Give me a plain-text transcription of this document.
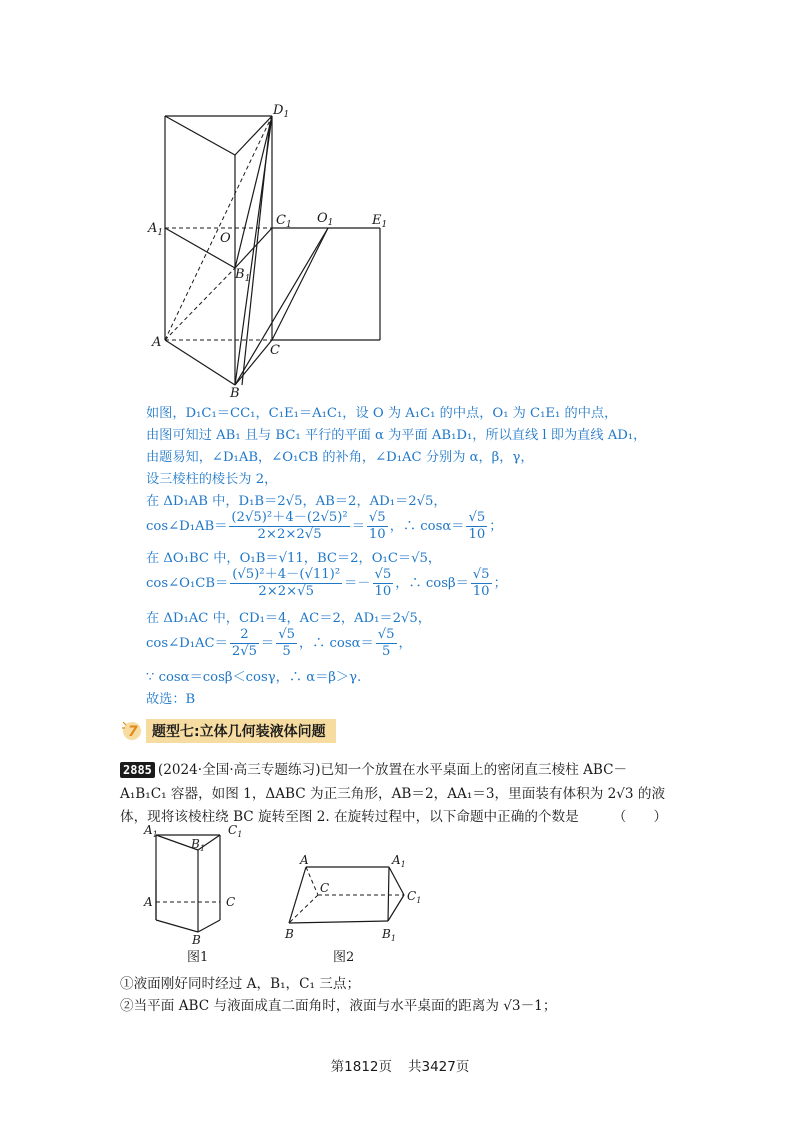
$D_1$
$A_1$	O
$C_1$ $O_1$	$E_1$
$B_1$
A
C
B
如图，D₁C₁＝CC₁，C₁E₁＝A₁C₁，设 O 为 A₁C₁ 的中点，O₁ 为 C₁E₁ 的中点，
由图可知过 AB₁ 且与 BC₁ 平行的平面 α 为平面 AB₁D₁，所以直线 l 即为直线 AD₁，
由题易知，∠D₁AB，∠O₁CB 的补角，∠D₁AC 分别为 α，β，γ，
设三棱柱的棱长为 2，
在 ΔD₁AB 中，D₁B＝2√5，AB＝2，AD₁＝2√5，
cos∠D₁AB＝ $\frac{\text{(2√5)²＋4－(2√5)²}}{2\times 2\times 2√5} = \frac{√5}{10}$ ，∴ $\cos\alpha= \frac{√5}{10}$ ；
在 ΔO₁BC 中，O₁B＝√11，BC＝2，O₁C＝√5，
cos∠O₁CB＝ $\frac{\text{(√5)²＋4－(√11)²}}{2\times 2\times√5} =- \frac{√5}{10}$ ，∴ $\cos\beta= \frac{√5}{10}$ ；
在 ΔD₁AC 中，CD₁＝4，AC＝2，AD₁＝2√5，
cos∠D₁AC＝ $\frac{2}{2√5} = \frac{√5}{5}$ ，∴ $\cos\alpha= \frac{√5}{5}$ ，
∵ cosα＝cosβ＜cosγ，∴ α＝β＞γ.
故选：B
7	题型七:立体几何装液体问题
2885 (2024·全国·高三专题练习)已知一个放置在水平桌面上的密闭直三棱柱 ABC－
A₁B₁C₁ 容器，如图 1，ΔABC 为正三角形，AB＝2，AA₁＝3，里面装有体积为 2√3 的液
体，现将该棱柱绕 BC 旋转至图 2. 在旋转过程中，以下命题中正确的个数是　　　（　　）
①液面刚好同时经过 A，B₁，C₁ 三点；
②当平面 ABC 与液面成直二面角时，液面与水平桌面的距离为 √3－1；
$A_1$	$C_1$
$B_1$
A	C
B
A	$A_1$
C
$C_1$
B	$B_1$
图1	图2
第1812页 共3427页
